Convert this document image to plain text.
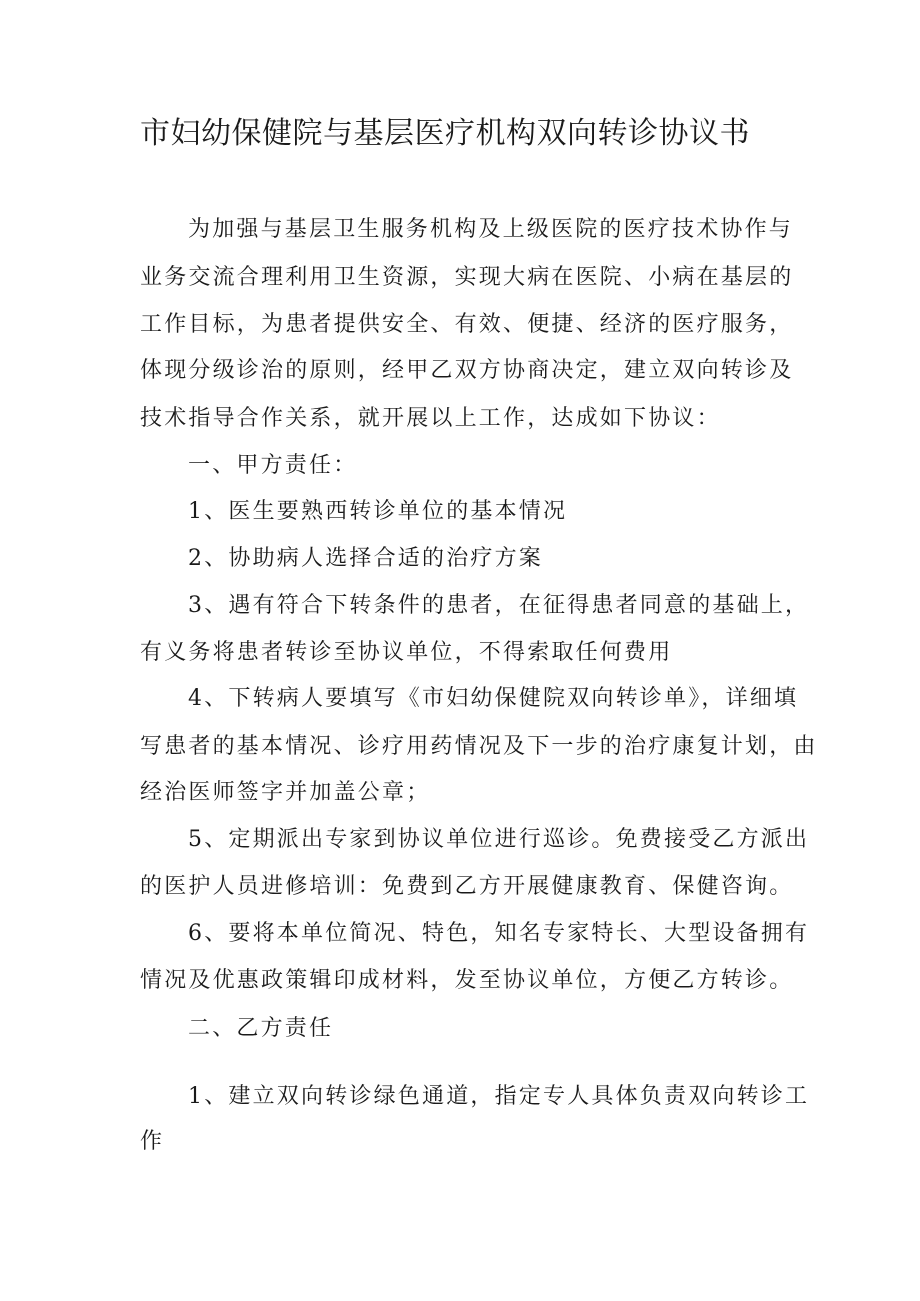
市妇幼保健院与基层医疗机构双向转诊协议书

为加强与基层卫生服务机构及上级医院的医疗技术协作与

业务交流合理利用卫生资源，实现大病在医院、小病在基层的

工作目标，为患者提供安全、有效、便捷、经济的医疗服务，

体现分级诊治的原则，经甲乙双方协商决定，建立双向转诊及

技术指导合作关系，就开展以上工作，达成如下协议：

一、甲方责任：

1、医生要熟西转诊单位的基本情况

2、协助病人选择合适的治疗方案

3、遇有符合下转条件的患者，在征得患者同意的基础上，

有义务将患者转诊至协议单位，不得索取任何费用

4、下转病人要填写《市妇幼保健院双向转诊单》，详细填

写患者的基本情况、诊疗用药情况及下一步的治疗康复计划，由

经治医师签字并加盖公章；

5、定期派出专家到协议单位进行巡诊。免费接受乙方派出

的医护人员进修培训：免费到乙方开展健康教育、保健咨询。

6、要将本单位简况、特色，知名专家特长、大型设备拥有

情况及优惠政策辑印成材料，发至协议单位，方便乙方转诊。

二、乙方责任

1、建立双向转诊绿色通道，指定专人具体负责双向转诊工

作
